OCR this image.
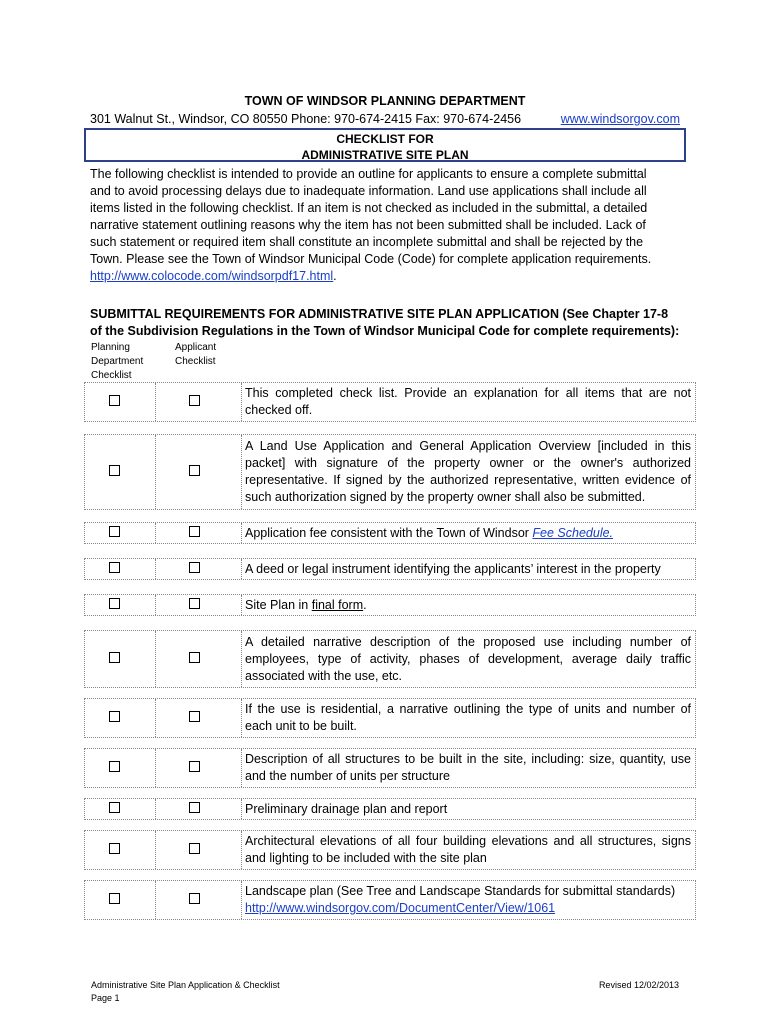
TOWN OF WINDSOR PLANNING DEPARTMENT
301 Walnut St., Windsor, CO 80550 Phone: 970-674-2415 Fax: 970-674-2456	www.windsorgov.com
CHECKLIST FOR
ADMINISTRATIVE SITE PLAN
The following checklist is intended to provide an outline for applicants to ensure a complete submittal and to avoid processing delays due to inadequate information. Land use applications shall include all items listed in the following checklist. If an item is not checked as included in the submittal, a detailed narrative statement outlining reasons why the item has not been submitted shall be included. Lack of such statement or required item shall constitute an incomplete submittal and shall be rejected by the Town. Please see the Town of Windsor Municipal Code (Code) for complete application requirements. http://www.colocode.com/windsorpdf17.html.
SUBMITTAL REQUIREMENTS FOR ADMINISTRATIVE SITE PLAN APPLICATION (See Chapter 17-8 of the Subdivision Regulations in the Town of Windsor Municipal Code for complete requirements):
Planning Department Checklist
Applicant Checklist
This completed check list. Provide an explanation for all items that are not checked off.
A Land Use Application and General Application Overview [included in this packet] with signature of the property owner or the owner's authorized representative. If signed by the authorized representative, written evidence of such authorization signed by the property owner shall also be submitted.
Application fee consistent with the Town of Windsor Fee Schedule.
A deed or legal instrument identifying the applicants’ interest in the property
Site Plan in final form.
A detailed narrative description of the proposed use including number of employees, type of activity, phases of development, average daily traffic associated with the use, etc.
If the use is residential, a narrative outlining the type of units and number of each unit to be built.
Description of all structures to be built in the site, including: size, quantity, use and the number of units per structure
Preliminary drainage plan and report
Architectural elevations of all four building elevations and all structures, signs and lighting to be included with the site plan
Landscape plan (See Tree and Landscape Standards for submittal standards)
http://www.windsorgov.com/DocumentCenter/View/1061
Administrative Site Plan Application & Checklist
Page 1
Revised 12/02/2013
